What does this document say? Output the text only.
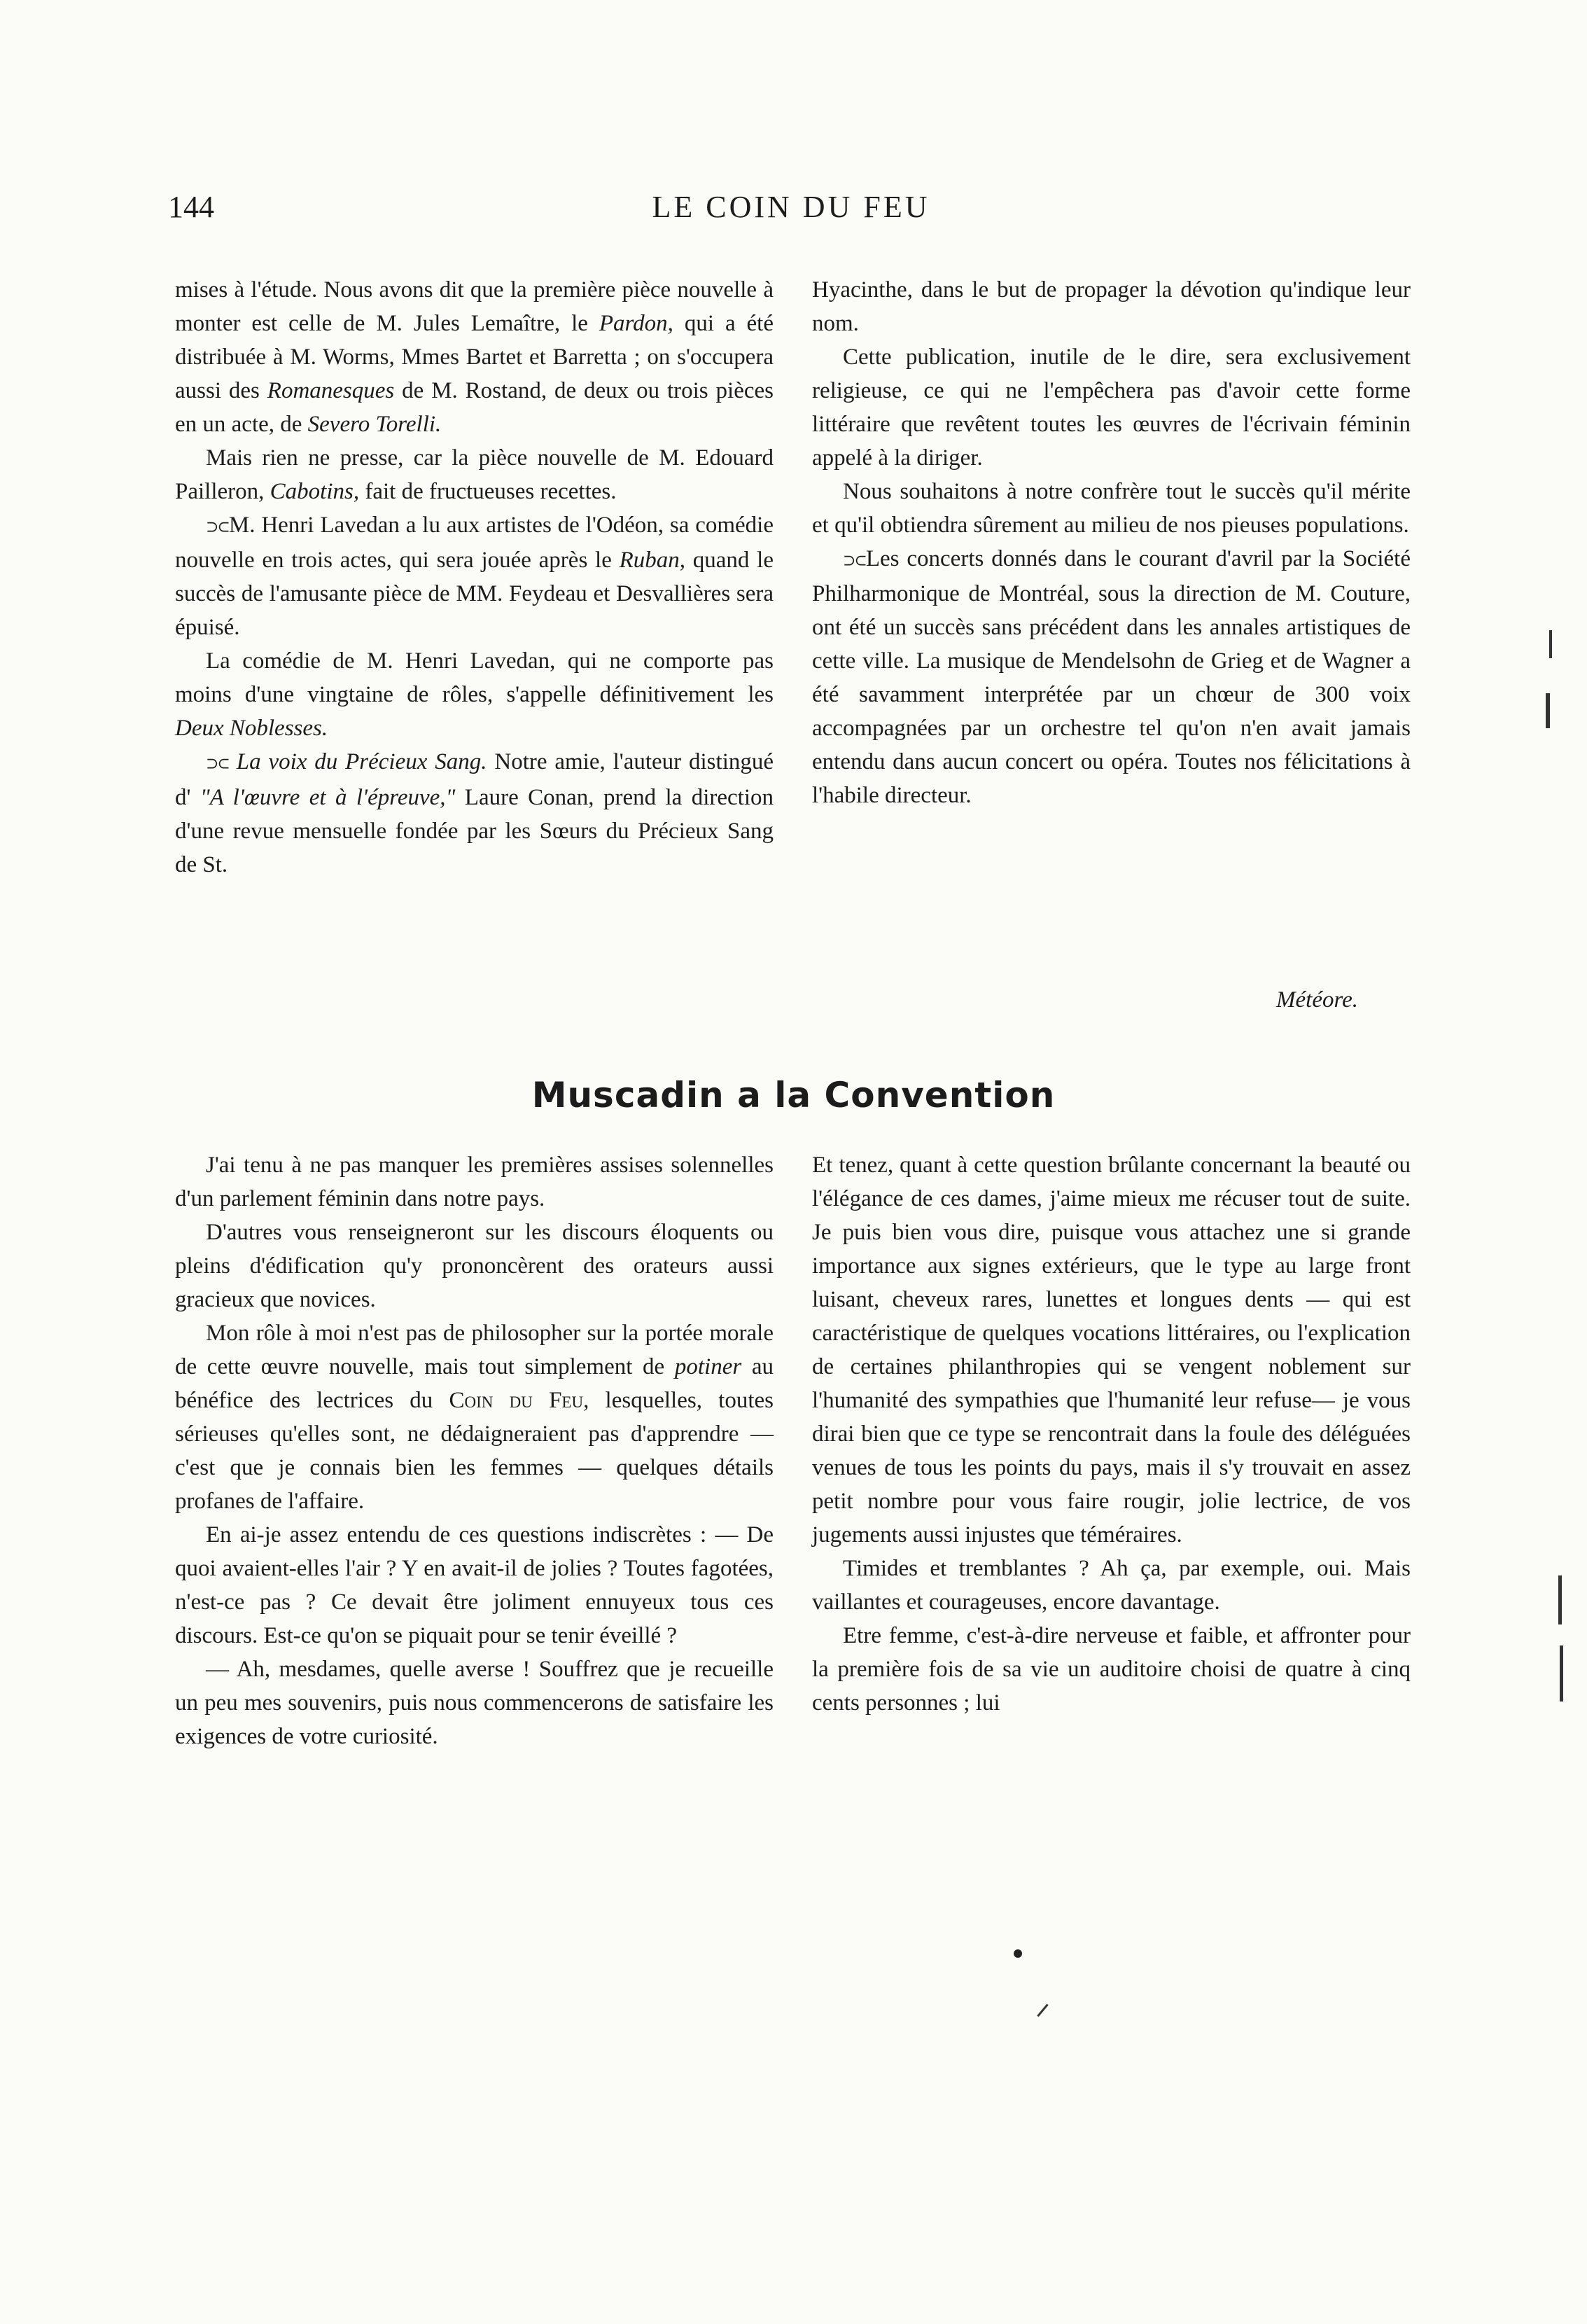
144	LE COIN DU FEU

mises à l'étude. Nous avons dit que la première pièce nouvelle à monter est celle de M. Jules Lemaître, le Pardon, qui a été distribuée à M. Worms, Mmes Bartet et Barretta ; on s'occupera aussi des Romanesques de M. Rostand, de deux ou trois pièces en un acte, de Severo Torelli.

Mais rien ne presse, car la pièce nouvelle de M. Edouard Pailleron, Cabotins, fait de fructueuses recettes.

⊃⊂M. Henri Lavedan a lu aux artistes de l'Odéon, sa comédie nouvelle en trois actes, qui sera jouée après le Ruban, quand le succès de l'amusante pièce de MM. Feydeau et Desvallières sera épuisé.

La comédie de M. Henri Lavedan, qui ne comporte pas moins d'une vingtaine de rôles, s'appelle définitivement les Deux Noblesses.

⊃⊂ La voix du Précieux Sang. Notre amie, l'auteur distingué d' "A l'œuvre et à l'épreuve," Laure Conan, prend la direction d'une revue mensuelle fondée par les Sœurs du Précieux Sang de St.

Hyacinthe, dans le but de propager la dévotion qu'indique leur nom.

Cette publication, inutile de le dire, sera exclusivement religieuse, ce qui ne l'empêchera pas d'avoir cette forme littéraire que revêtent toutes les œuvres de l'écrivain féminin appelé à la diriger.

Nous souhaitons à notre confrère tout le succès qu'il mérite et qu'il obtiendra sûrement au milieu de nos pieuses populations.

⊃⊂Les concerts donnés dans le courant d'avril par la Société Philharmonique de Montréal, sous la direction de M. Couture, ont été un succès sans précédent dans les annales artistiques de cette ville. La musique de Mendelsohn de Grieg et de Wagner a été savamment interprétée par un chœur de 300 voix accompagnées par un orchestre tel qu'on n'en avait jamais entendu dans aucun concert ou opéra. Toutes nos félicitations à l'habile directeur.

Météore.
Muscadin a la Convention

J'ai tenu à ne pas manquer les premières assises solennelles d'un parlement féminin dans notre pays.

D'autres vous renseigneront sur les discours éloquents ou pleins d'édification qu'y prononcèrent des orateurs aussi gracieux que novices.

Mon rôle à moi n'est pas de philosopher sur la portée morale de cette œuvre nouvelle, mais tout simplement de potiner au bénéfice des lectrices du Coin du Feu, lesquelles, toutes sérieuses qu'elles sont, ne dédaigneraient pas d'apprendre — c'est que je connais bien les femmes — quelques détails profanes de l'affaire.

En ai-je assez entendu de ces questions indiscrètes : — De quoi avaient-elles l'air ? Y en avait-il de jolies ? Toutes fagotées, n'est-ce pas ? Ce devait être joliment ennuyeux tous ces discours. Est-ce qu'on se piquait pour se tenir éveillé ?

— Ah, mesdames, quelle averse ! Souffrez que je recueille un peu mes souvenirs, puis nous commencerons de satisfaire les exigences de votre curiosité.

Et tenez, quant à cette question brûlante concernant la beauté ou l'élégance de ces dames, j'aime mieux me récuser tout de suite. Je puis bien vous dire, puisque vous attachez une si grande importance aux signes extérieurs, que le type au large front luisant, cheveux rares, lunettes et longues dents — qui est caractéristique de quelques vocations littéraires, ou l'explication de certaines philanthropies qui se vengent noblement sur l'humanité des sympathies que l'humanité leur refuse— je vous dirai bien que ce type se rencontrait dans la foule des déléguées venues de tous les points du pays, mais il s'y trouvait en assez petit nombre pour vous faire rougir, jolie lectrice, de vos jugements aussi injustes que téméraires.

Timides et tremblantes ? Ah ça, par exemple, oui. Mais vaillantes et courageuses, encore davantage.

Etre femme, c'est-à-dire nerveuse et faible, et affronter pour la première fois de sa vie un auditoire choisi de quatre à cinq cents personnes ; lui
